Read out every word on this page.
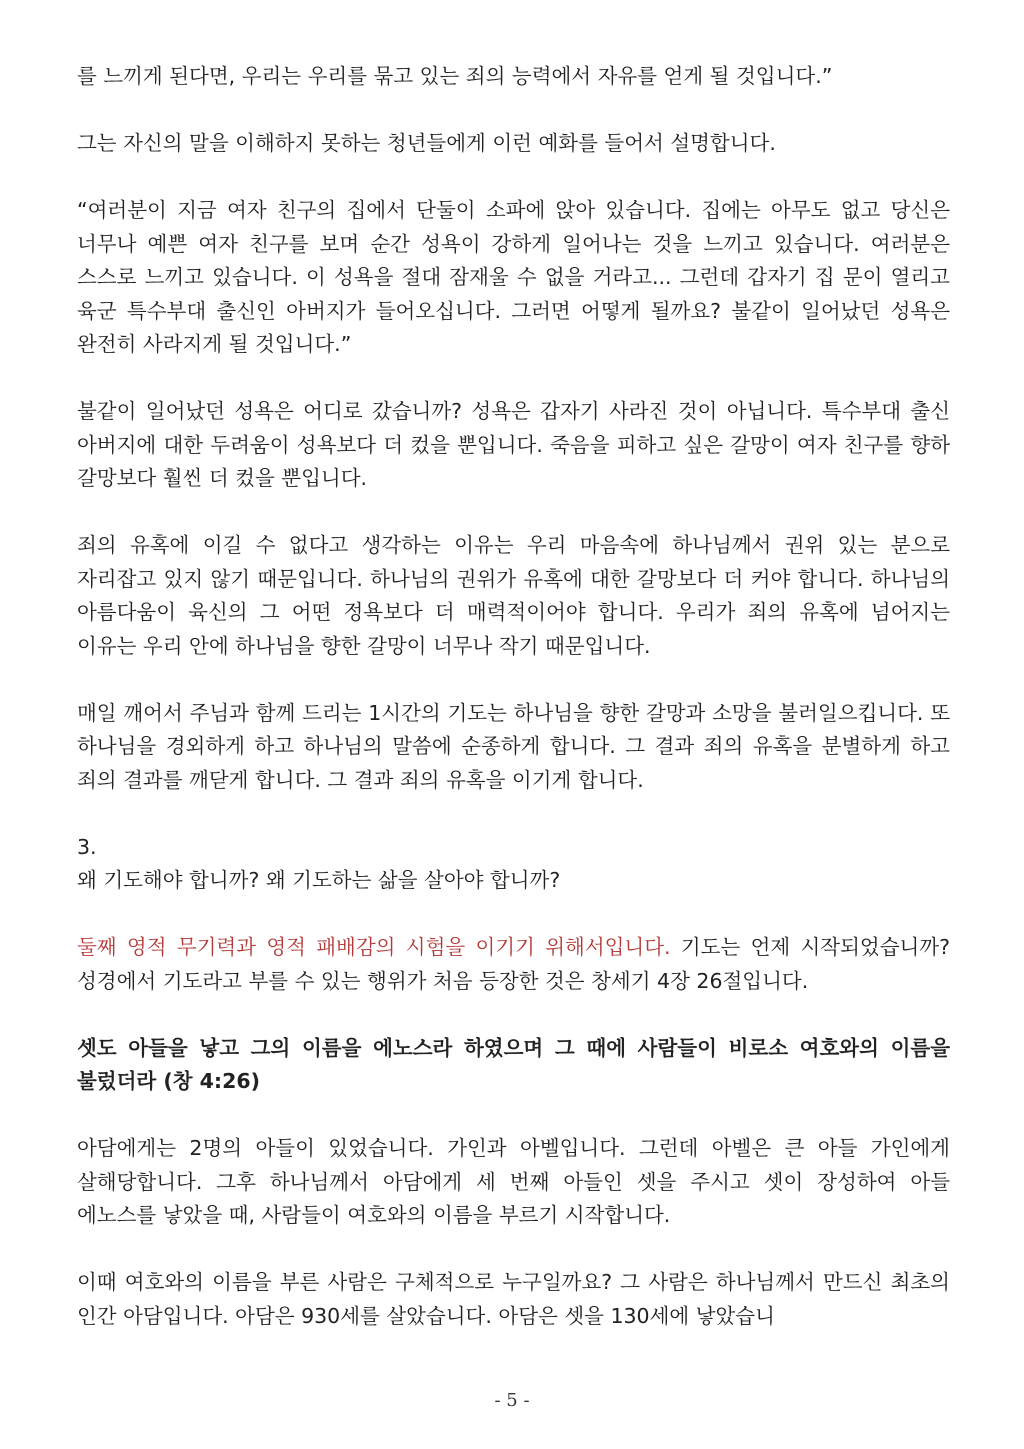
를 느끼게 된다면, 우리는 우리를 묶고 있는 죄의 능력에서 자유를 얻게 될 것입니다.”

그는 자신의 말을 이해하지 못하는 청년들에게 이런 예화를 들어서 설명합니다.

“여러분이 지금 여자 친구의 집에서 단둘이 소파에 앉아 있습니다. 집에는 아무도 없고 당신은 너무나 예쁜 여자 친구를 보며 순간 성욕이 강하게 일어나는 것을 느끼고 있습니다. 여러분은 스스로 느끼고 있습니다. 이 성욕을 절대 잠재울 수 없을 거라고... 그런데 갑자기 집 문이 열리고 육군 특수부대 출신인 아버지가 들어오십니다. 그러면 어떻게 될까요? 불같이 일어났던 성욕은 완전히 사라지게 될 것입니다.”

불같이 일어났던 성욕은 어디로 갔습니까? 성욕은 갑자기 사라진 것이 아닙니다. 특수부대 출신 아버지에 대한 두려움이 성욕보다 더 컸을 뿐입니다. 죽음을 피하고 싶은 갈망이 여자 친구를 향하 갈망보다 훨씬 더 컸을 뿐입니다.

죄의 유혹에 이길 수 없다고 생각하는 이유는 우리 마음속에 하나님께서 권위 있는 분으로 자리잡고 있지 않기 때문입니다. 하나님의 권위가 유혹에 대한 갈망보다 더 커야 합니다. 하나님의 아름다움이 육신의 그 어떤 정욕보다 더 매력적이어야 합니다. 우리가 죄의 유혹에 넘어지는 이유는 우리 안에 하나님을 향한 갈망이 너무나 작기 때문입니다.

매일 깨어서 주님과 함께 드리는 1시간의 기도는 하나님을 향한 갈망과 소망을 불러일으킵니다. 또 하나님을 경외하게 하고 하나님의 말씀에 순종하게 합니다. 그 결과 죄의 유혹을 분별하게 하고 죄의 결과를 깨닫게 합니다. 그 결과 죄의 유혹을 이기게 합니다.

3.

왜 기도해야 합니까? 왜 기도하는 삶을 살아야 합니까?

둘째 영적 무기력과 영적 패배감의 시험을 이기기 위해서입니다. 기도는 언제 시작되었습니까? 성경에서 기도라고 부를 수 있는 행위가 처음 등장한 것은 창세기 4장 26절입니다.

셋도 아들을 낳고 그의 이름을 에노스라 하였으며 그 때에 사람들이 비로소 여호와의 이름을 불렀더라 (창 4:26)

아담에게는 2명의 아들이 있었습니다. 가인과 아벨입니다. 그런데 아벨은 큰 아들 가인에게 살해당합니다. 그후 하나님께서 아담에게 세 번째 아들인 셋을 주시고 셋이 장성하여 아들 에노스를 낳았을 때, 사람들이 여호와의 이름을 부르기 시작합니다.

이때 여호와의 이름을 부른 사람은 구체적으로 누구일까요? 그 사람은 하나님께서 만드신 최초의 인간 아담입니다. 아담은 930세를 살았습니다. 아담은 셋을 130세에 낳았습니

- 5 -
